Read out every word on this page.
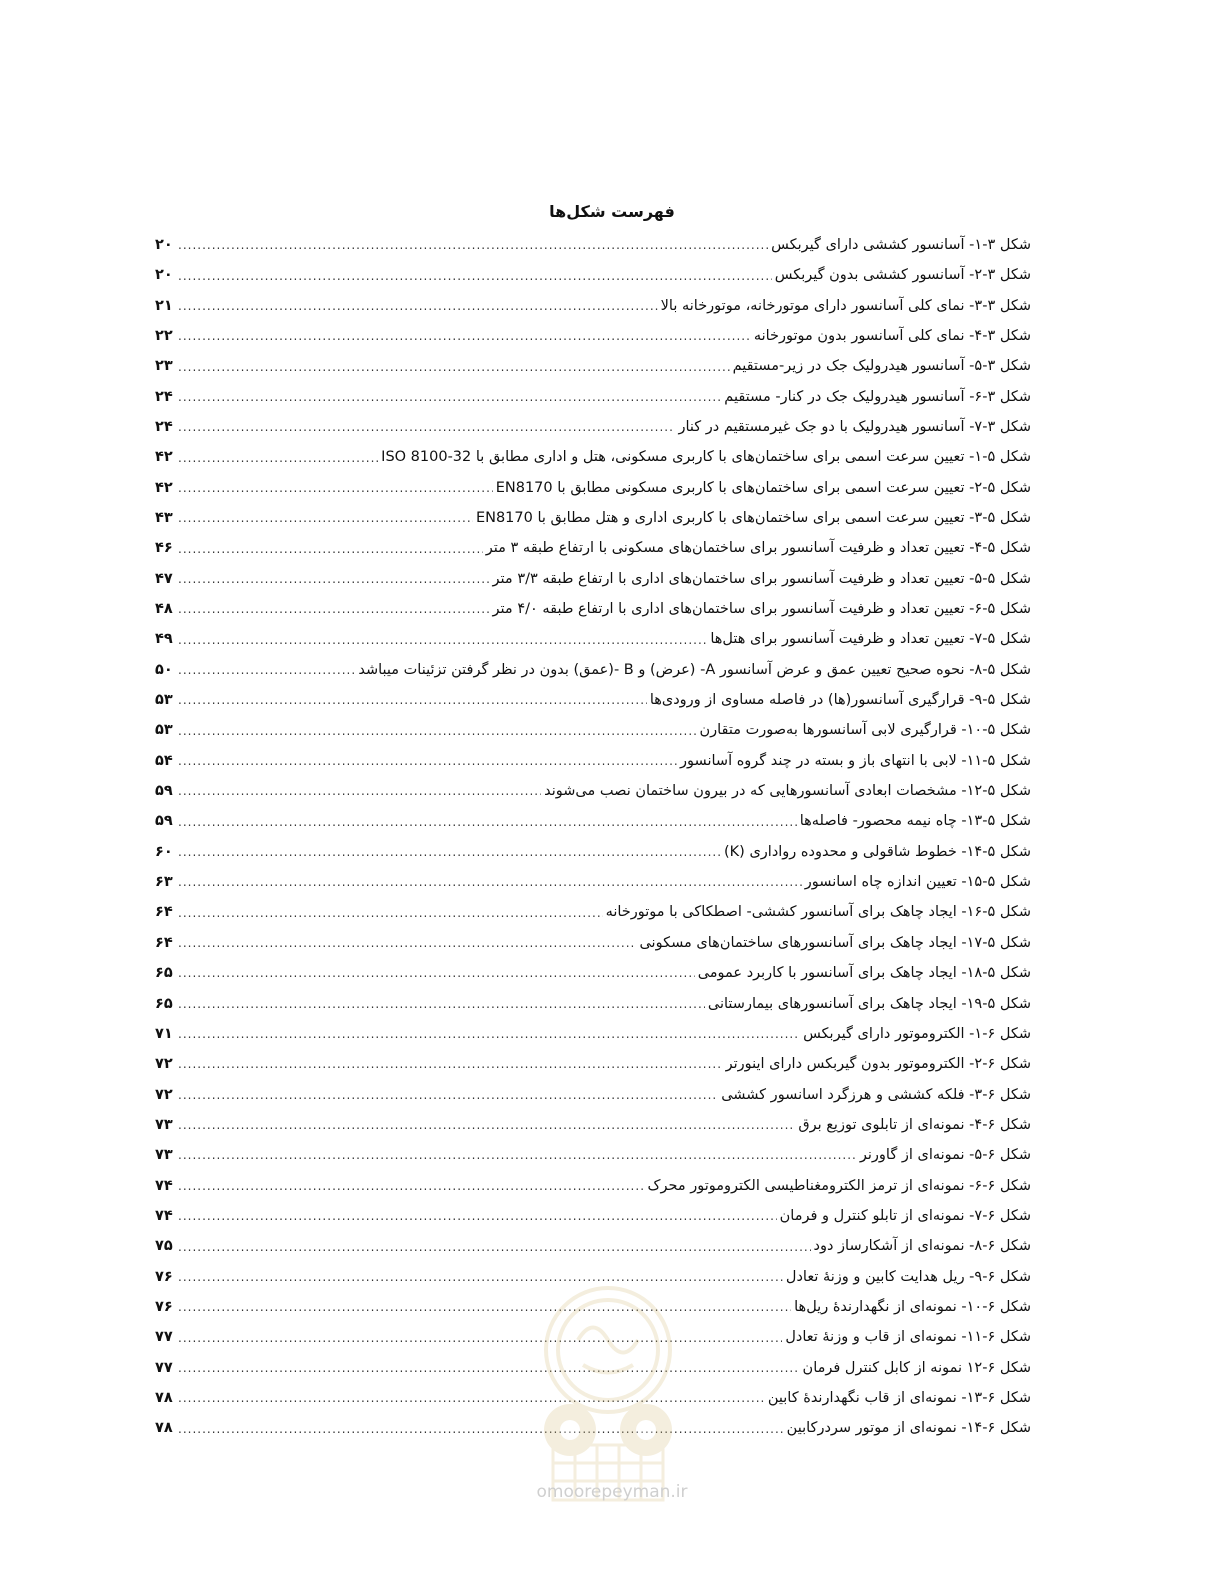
فهرست شکل‌ها
شکل ۳-۱- آسانسور کششی دارای گیربکس
.....
۲۰
شکل ۳-۲- آسانسور کششی بدون گیربکس
.....
۲۰
شکل ۳-۳- نمای کلی آسانسور دارای موتورخانه، موتورخانه بالا
.....
۲۱
شکل ۳-۴- نمای کلی آسانسور بدون موتورخانه
.....
۲۲
شکل ۳-۵- آسانسور هیدرولیک جک در زیر-مستقیم
.....
۲۳
شکل ۳-۶- آسانسور هیدرولیک جک در کنار- مستقیم
.....
۲۴
شکل ۳-۷- آسانسور هیدرولیک با دو جک غیرمستقیم در کنار
.....
۲۴
شکل ۵-۱- تعیین سرعت اسمی برای ساختمان‌های با کاربری مسکونی، هتل و اداری مطابق با ISO 8100-32
.....
۴۲
شکل ۵-۲- تعیین سرعت اسمی برای ساختمان‌های با کاربری مسکونی مطابق با EN8170
.....
۴۲
شکل ۵-۳- تعیین سرعت اسمی برای ساختمان‌های با کاربری اداری و هتل مطابق با EN8170
.....
۴۳
شکل ۵-۴- تعیین تعداد و ظرفیت آسانسور برای ساختمان‌های مسکونی با ارتفاع طبقه ۳ متر
.....
۴۶
شکل ۵-۵- تعیین تعداد و ظرفیت آسانسور برای ساختمان‌های اداری با ارتفاع طبقه ۳/۳ متر
.....
۴۷
شکل ۵-۶- تعیین تعداد و ظرفیت آسانسور برای ساختمان‌های اداری با ارتفاع طبقه ۴/۰ متر
.....
۴۸
شکل ۵-۷- تعیین تعداد و ظرفیت آسانسور برای هتل‌ها
.....
۴۹
شکل ۵-۸- نحوه صحیح تعیین عمق و عرض آسانسور A- (عرض) و B -(عمق) بدون در نظر گرفتن تزئینات میباشد
.....
۵۰
شکل ۵-۹- قرارگیری آسانسور(ها) در فاصله مساوی از ورودی‌ها
.....
۵۳
شکل ۵-۱۰- قرارگیری لابی آسانسورها به‌صورت متقارن
.....
۵۳
شکل ۵-۱۱- لابی با انتهای باز و بسته در چند گروه آسانسور
.....
۵۴
شکل ۵-۱۲- مشخصات ابعادی آسانسورهایی که در بیرون ساختمان نصب می‌شوند
.....
۵۹
شکل ۵-۱۳- چاه نیمه محصور- فاصله‌ها
.....
۵۹
شکل ۵-۱۴- خطوط شاقولی و محدوده رواداری (K)
.....
۶۰
شکل ۵-۱۵- تعیین اندازه چاه اسانسور
.....
۶۳
شکل ۵-۱۶- ایجاد چاهک برای آسانسور کششی- اصطکاکی با موتورخانه
.....
۶۴
شکل ۵-۱۷- ایجاد چاهک برای آسانسورهای ساختمان‌های مسکونی
.....
۶۴
شکل ۵-۱۸- ایجاد چاهک برای آسانسور با کاربرد عمومی
.....
۶۵
شکل ۵-۱۹- ایجاد چاهک برای آسانسورهای بیمارستانی
.....
۶۵
شکل ۶-۱- الکتروموتور دارای گیربکس
.....
۷۱
شکل ۶-۲- الکتروموتور بدون گیربکس دارای اینورتر
.....
۷۲
شکل ۶-۳- فلکه کششی و هرزگرد اسانسور کششی
.....
۷۲
شکل ۶-۴- نمونه‌ای از تابلوی توزیع برق
.....
۷۳
شکل ۶-۵- نمونه‌ای از گاورنر
.....
۷۳
شکل ۶-۶- نمونه‌ای از ترمز الکترومغناطیسی الکتروموتور محرک
.....
۷۴
شکل ۶-۷- نمونه‌ای از تابلو کنترل و فرمان
.....
۷۴
شکل ۶-۸- نمونه‌ای از آشکارساز دود
.....
۷۵
شکل ۶-۹- ریل هدایت کابین و وزنهٔ تعادل
.....
۷۶
شکل ۶-۱۰- نمونه‌ای از نگهدارندهٔ ریل‌ها
.....
۷۶
شکل ۶-۱۱- نمونه‌ای از قاب و وزنهٔ تعادل
.....
۷۷
شکل ۶-۱۲ نمونه از کابل کنترل فرمان
.....
۷۷
شکل ۶-۱۳- نمونه‌ای از قاب نگهدارندهٔ کابین
.....
۷۸
شکل ۶-۱۴- نمونه‌ای از موتور سردرکابین
.....
۷۸
omoorepeyman.ir
